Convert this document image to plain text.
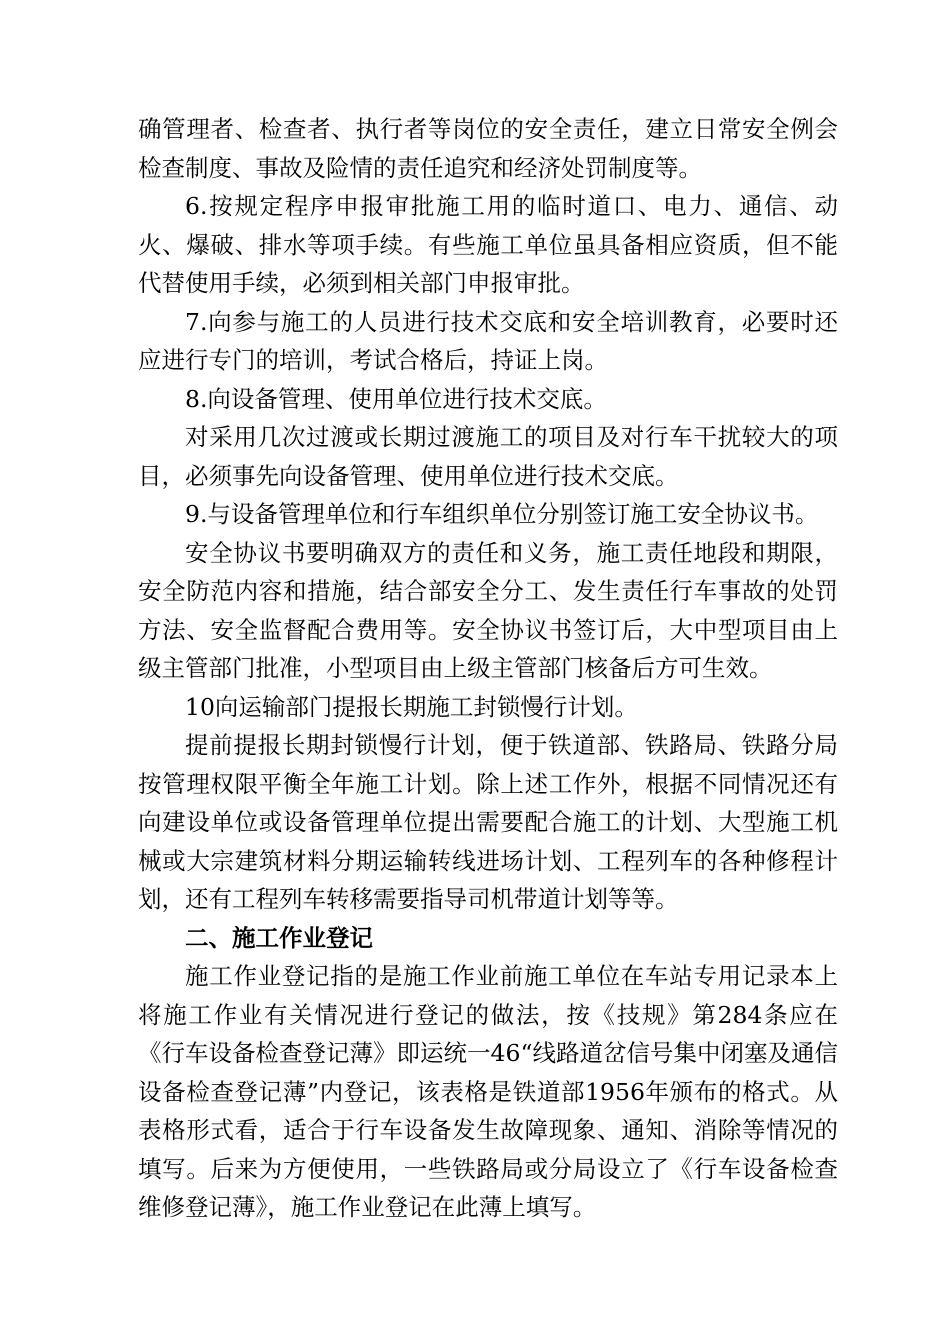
确管理者、检查者、执行者等岗位的安全责任，建立日常安全例会检查制度、事故及险情的责任追究和经济处罚制度等。

6.按规定程序申报审批施工用的临时道口、电力、通信、动火、爆破、排水等项手续。有些施工单位虽具备相应资质，但不能代替使用手续，必须到相关部门申报审批。

7.向参与施工的人员进行技术交底和安全培训教育，必要时还应进行专门的培训，考试合格后，持证上岗。

8.向设备管理、使用单位进行技术交底。

对采用几次过渡或长期过渡施工的项目及对行车干扰较大的项目，必须事先向设备管理、使用单位进行技术交底。

9.与设备管理单位和行车组织单位分别签订施工安全协议书。

安全协议书要明确双方的责任和义务，施工责任地段和期限，安全防范内容和措施，结合部安全分工、发生责任行车事故的处罚方法、安全监督配合费用等。安全协议书签订后，大中型项目由上级主管部门批准，小型项目由上级主管部门核备后方可生效。

10向运输部门提报长期施工封锁慢行计划。

提前提报长期封锁慢行计划，便于铁道部、铁路局、铁路分局按管理权限平衡全年施工计划。除上述工作外，根据不同情况还有向建设单位或设备管理单位提出需要配合施工的计划、大型施工机械或大宗建筑材料分期运输转线进场计划、工程列车的各种修程计划，还有工程列车转移需要指导司机带道计划等等。

二、施工作业登记

施工作业登记指的是施工作业前施工单位在车站专用记录本上将施工作业有关情况进行登记的做法，按《技规》第284条应在《行车设备检查登记薄》即运统一46“线路道岔信号集中闭塞及通信设备检查登记薄”内登记，该表格是铁道部1956年颁布的格式。从表格形式看，适合于行车设备发生故障现象、通知、消除等情况的填写。后来为方便使用，一些铁路局或分局设立了《行车设备检查维修登记薄》，施工作业登记在此薄上填写。
